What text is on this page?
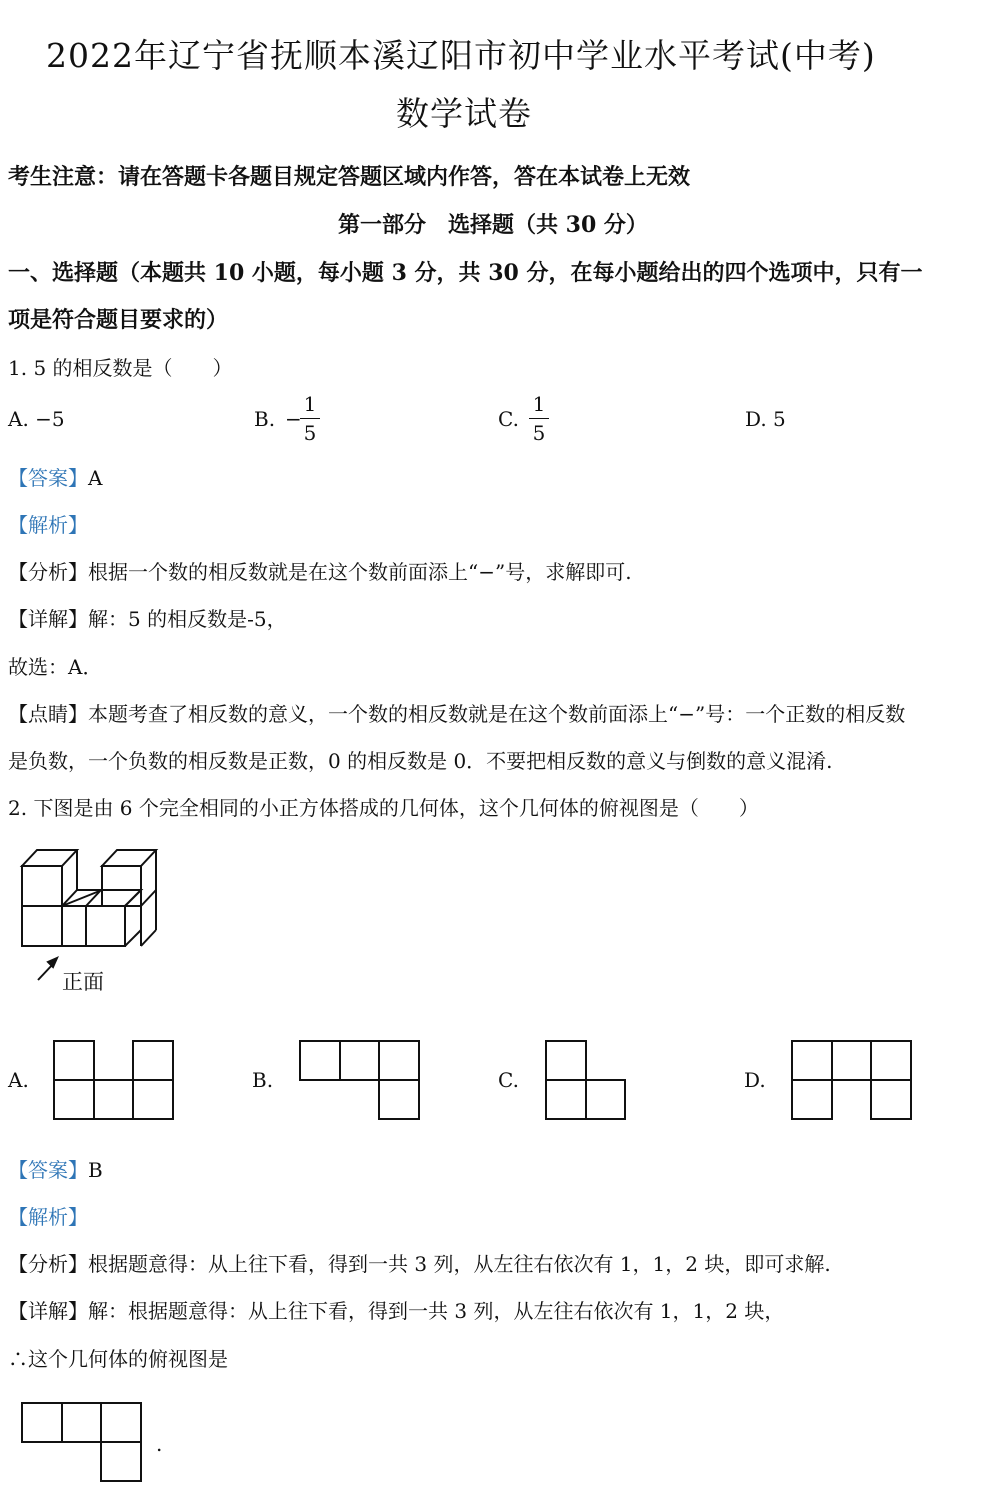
2022年辽宁省抚顺本溪辽阳市初中学业水平考试(中考)
数学试卷
考生注意：请在答题卡各题目规定答题区域内作答，答在本试卷上无效
第一部分　选择题（共 30 分）
一、选择题（本题共 10 小题，每小题 3 分，共 30 分，在每小题给出的四个选项中，只有一
项是符合题目要求的）
1. 5 的相反数是（　　）
A. −5	B. −
1
5
C.
1
5
D. 5
【答案】A
【解析】
【分析】根据一个数的相反数就是在这个数前面添上“−”号，求解即可.
【详解】解：5 的相反数是-5，
故选：A．
【点睛】本题考查了相反数的意义，一个数的相反数就是在这个数前面添上“−”号：一个正数的相反数
是负数，一个负数的相反数是正数，0 的相反数是 0．不要把相反数的意义与倒数的意义混淆.
2. 下图是由 6 个完全相同的小正方体搭成的几何体，这个几何体的俯视图是（　　）
正面
A.	B.	C.	D.
【答案】B
【解析】
【分析】根据题意得：从上往下看，得到一共 3 列，从左往右依次有 1，1，2 块，即可求解.
【详解】解：根据题意得：从上往下看，得到一共 3 列，从左往右依次有 1，1，2 块，
∴这个几何体的俯视图是
.
